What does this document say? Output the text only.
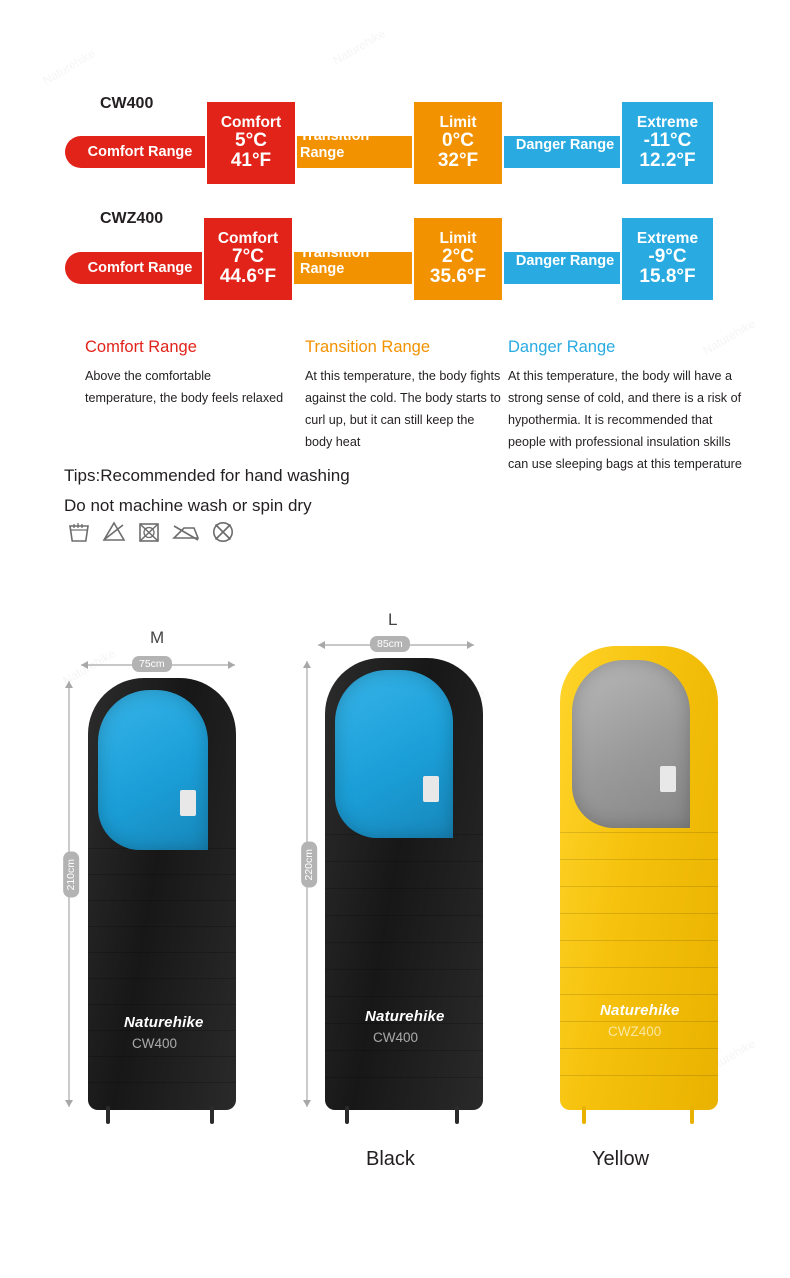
CW400
Comfort Range
Transition Range
Danger Range
Comfort
5°C
41°F
Limit
0°C
32°F
Extreme
-11°C
12.2°F
CWZ400
Comfort Range
Transition Range	Danger Range
Comfort
7°C
44.6°F
Limit
2°C
35.6°F
Extreme
-9°C
15.8°F
Comfort Range

Above the comfortable temperature, the body feels relaxed

Transition Range

At this temperature, the body fights against the cold. The body starts to curl up, but it can still keep the body heat

Danger Range

At this temperature, the body will have a strong sense of cold, and there is a risk of hypothermia. It is recommended that people with professional insulation skills can use sleeping bags at this temperature

Tips:Recommended for hand washing
Do not machine wash or spin dry
M
75cm
210cm
Naturehike
CW400
L
85cm
220cm
Naturehike
CW400
Naturehike
CWZ400
Black	Yellow
